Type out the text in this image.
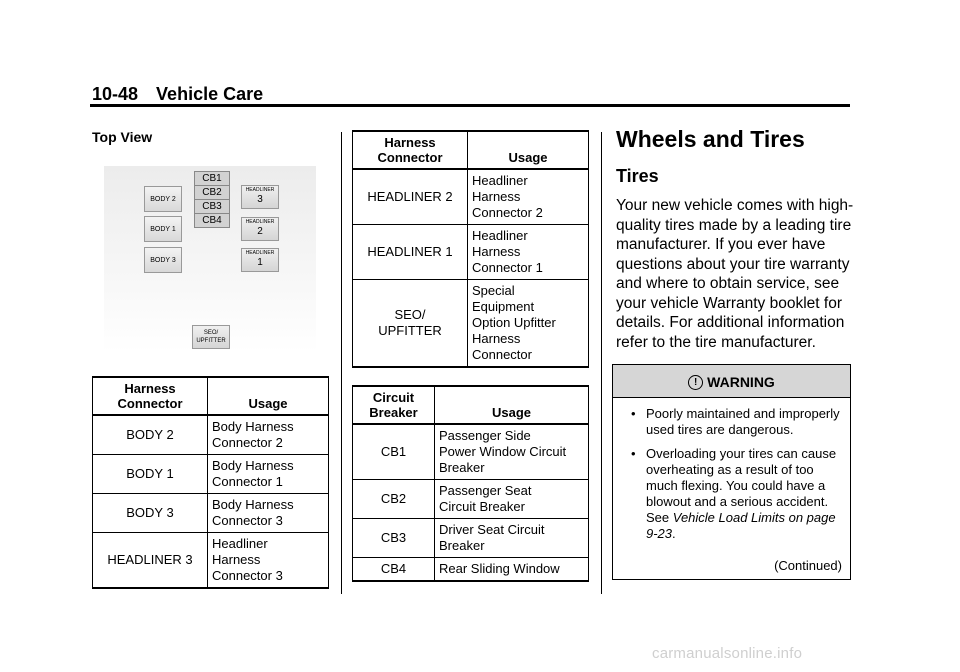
10-48 Vehicle Care
Top View
BODY 2
BODY 1
BODY 3
CB1
CB2
CB3
CB4
HEADLINER
3
HEADLINER
2
HEADLINER
1
SEO/
UPFITTER
Harness
Connector	Usage
BODY 2	Body Harness
Connector 2
BODY 1	Body Harness
Connector 1
BODY 3	Body Harness
Connector 3
HEADLINER 3	Headliner
Harness
Connector 3
Harness
Connector	Usage
HEADLINER 2	Headliner
Harness
Connector 2
HEADLINER 1	Headliner
Harness
Connector 1
SEO/
UPFITTER	Special
Equipment
Option Upfitter
Harness
Connector
Circuit
Breaker	Usage
CB1	Passenger Side
Power Window Circuit
Breaker
CB2	Passenger Seat
Circuit Breaker
CB3	Driver Seat Circuit
Breaker
CB4	Rear Sliding Window
Wheels and Tires
Tires
Your new vehicle comes with high-quality tires made by a leading tire manufacturer. If you ever have questions about your tire warranty and where to obtain service, see your vehicle Warranty booklet for details. For additional information refer to the tire manufacturer.
! WARNING
• Poorly maintained and improperly used tires are dangerous.
• Overloading your tires can cause overheating as a result of too much flexing. You could have a blowout and a serious accident. See Vehicle Load Limits on page 9-23.
(Continued)
carmanualsonline.info
